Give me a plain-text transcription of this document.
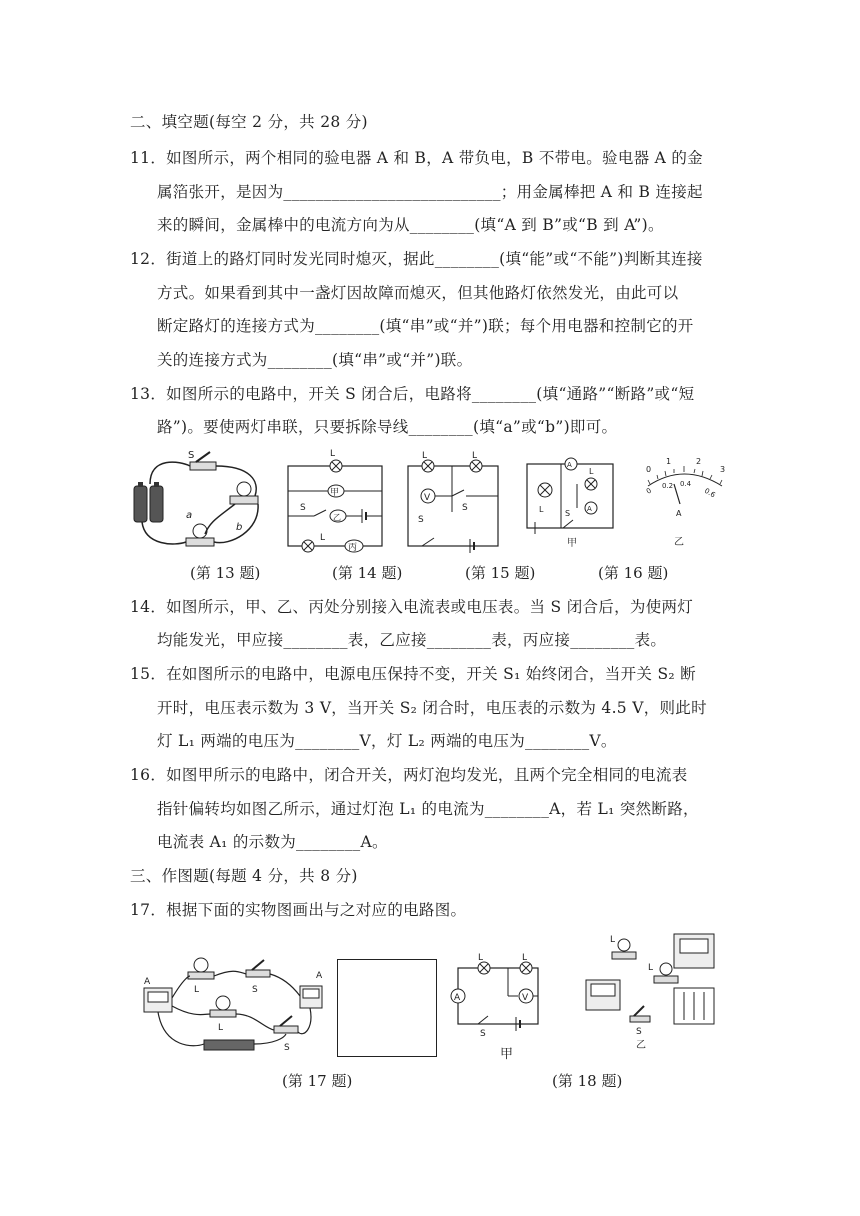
二、填空题(每空 2 分，共 28 分)
11．如图所示，两个相同的验电器 A 和 B，A 带负电，B 不带电。验电器 A 的金
属箔张开，是因为___________________________；用金属棒把 A 和 B 连接起
来的瞬间，金属棒中的电流方向为从________(填“A 到 B”或“B 到 A”)。
12．街道上的路灯同时发光同时熄灭，据此________(填“能”或“不能”)判断其连接
方式。如果看到其中一盏灯因故障而熄灭，但其他路灯依然发光，由此可以
断定路灯的连接方式为________(填“串”或“并”)联；每个用电器和控制它的开
关的连接方式为________(填“串”或“并”)联。
13．如图所示的电路中，开关 S 闭合后，电路将________(填“通路”“断路”或“短
路”)。要使两灯串联，只要拆除导线________(填“a”或“b”)即可。
S
a
b
(第 13 题)
L
甲
S
乙
L
丙
(第 14 题)
L	L
V
S
S
(第 15 题)
A
L
L
A
S
甲
(第 16 题)
0
1	2
3
0
0.2 0.4
0.6
A
乙
14．如图所示，甲、乙、丙处分别接入电流表或电压表。当 S 闭合后，为使两灯
均能发光，甲应接________表，乙应接________表，丙应接________表。
15．在如图所示的电路中，电源电压保持不变，开关 S₁ 始终闭合，当开关 S₂ 断
开时，电压表示数为 3 V，当开关 S₂ 闭合时，电压表的示数为 4.5 V，则此时
灯 L₁ 两端的电压为________V，灯 L₂ 两端的电压为________V。
16．如图甲所示的电路中，闭合开关，两灯泡均发光，且两个完全相同的电流表
指针偏转均如图乙所示，通过灯泡 L₁ 的电流为________A，若 L₁ 突然断路，
电流表 A₁ 的示数为________A。
三、作图题(每题 4 分，共 8 分)
17．根据下面的实物图画出与之对应的电路图。
A
A
L
L
S
S
(第 17 题)
L	L
V
A
S
甲
L
L
S
乙
(第 18 题)
